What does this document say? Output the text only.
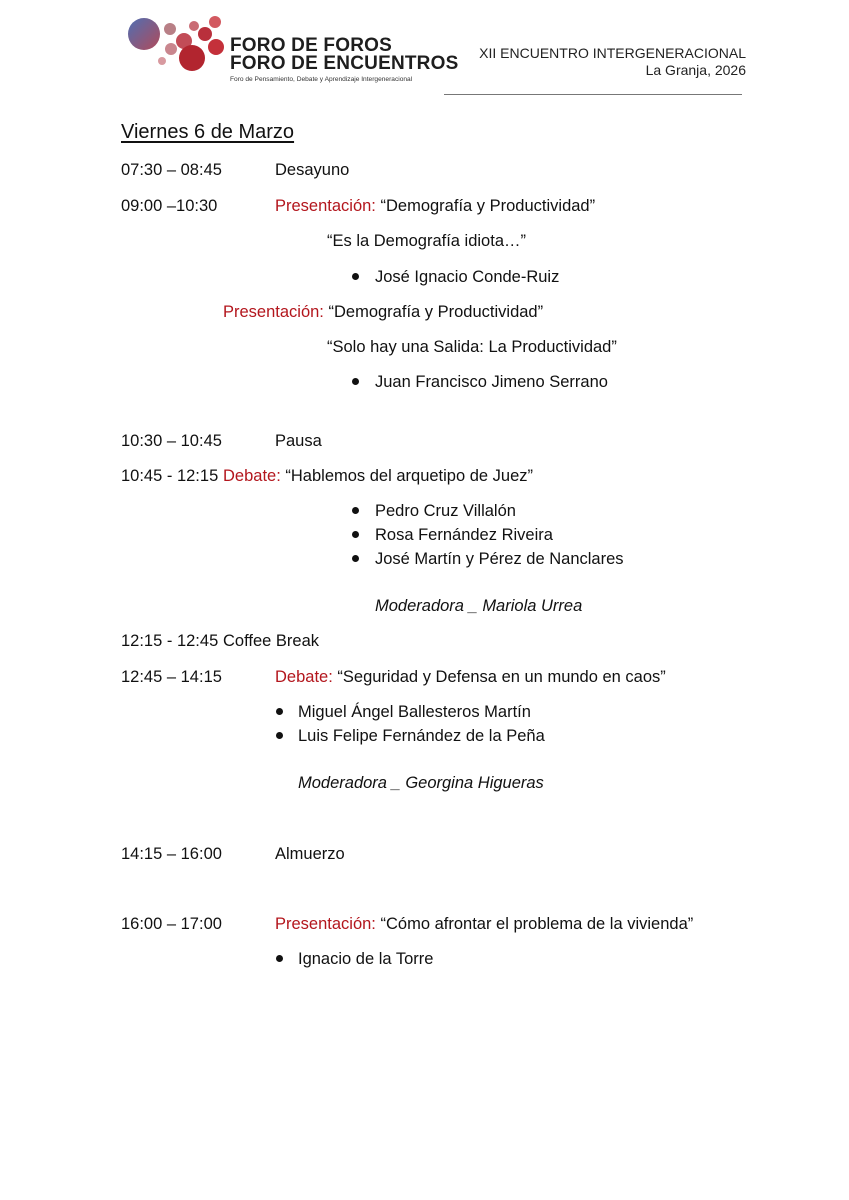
FORO DE FOROS
FORO DE ENCUENTROS
Foro de Pensamiento, Debate y Aprendizaje Intergeneracional
XII ENCUENTRO INTERGENERACIONAL
La Granja, 2026
Viernes 6 de Marzo
07:30 – 08:45	Desayuno
09:00 –10:30	Presentación: “Demografía y Productividad”
“Es la Demografía idiota…”
José Ignacio Conde-Ruiz
Presentación: “Demografía y Productividad”
“Solo hay una Salida: La Productividad”
Juan Francisco Jimeno Serrano
10:30 – 10:45	Pausa
10:45 - 12:15 Debate: “Hablemos del arquetipo de Juez”
Pedro Cruz Villalón
Rosa Fernández Riveira
José Martín y Pérez de Nanclares
Moderadora _ Mariola Urrea
12:15 - 12:45 Coffee Break
12:45 – 14:15	Debate: “Seguridad y Defensa en un mundo en caos”
Miguel Ángel Ballesteros Martín
Luis Felipe Fernández de la Peña
Moderadora _ Georgina Higueras
14:15 – 16:00	Almuerzo
16:00 – 17:00	Presentación: “Cómo afrontar el problema de la vivienda”
Ignacio de la Torre
